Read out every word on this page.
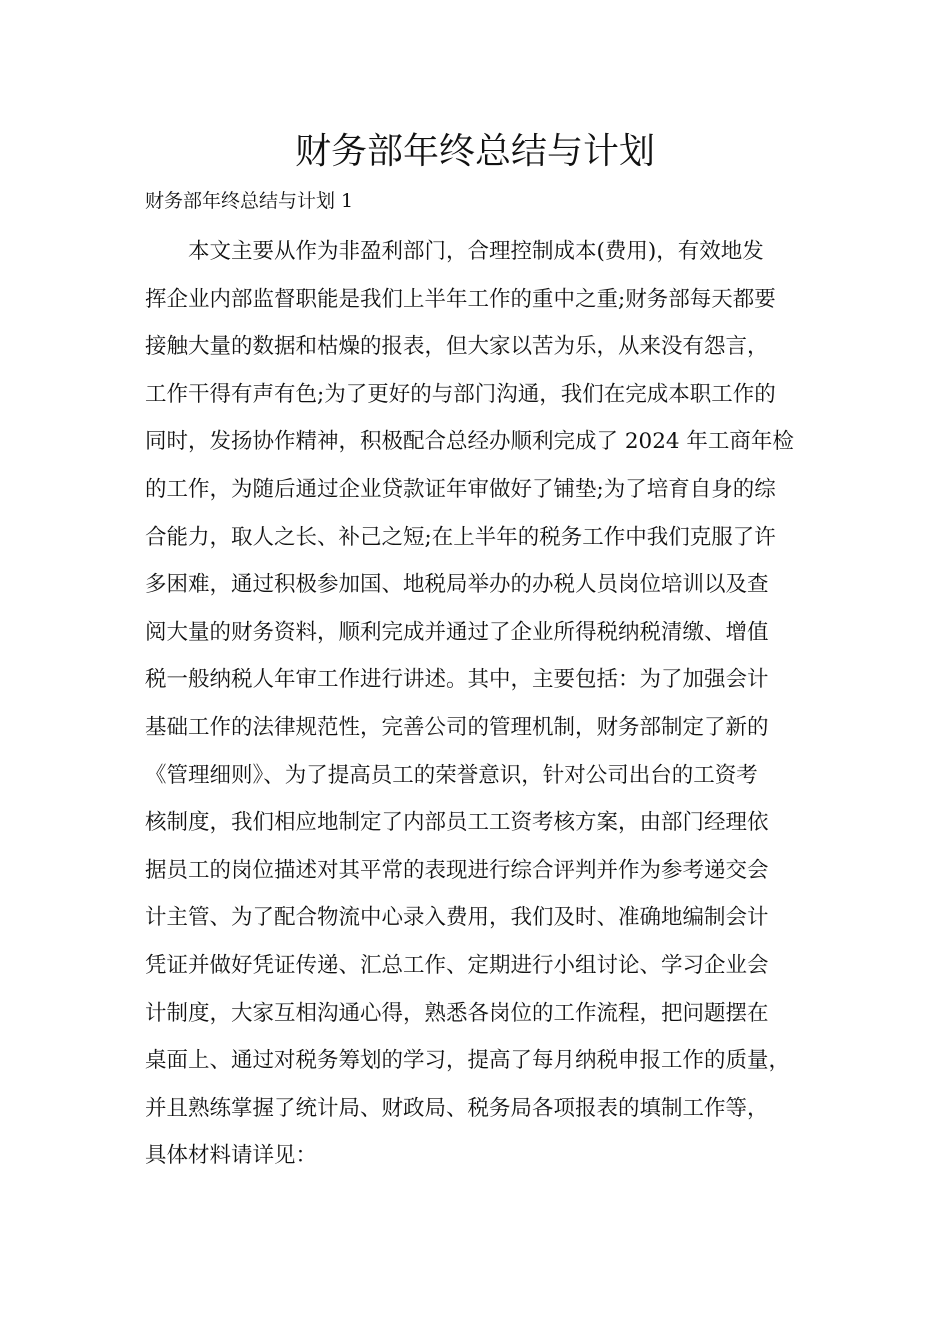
财务部年终总结与计划

财务部年终总结与计划 1

本文主要从作为非盈利部门，合理控制成本(费用)，有效地发
挥企业内部监督职能是我们上半年工作的重中之重;财务部每天都要
接触大量的数据和枯燥的报表，但大家以苦为乐，从来没有怨言，
工作干得有声有色;为了更好的与部门沟通，我们在完成本职工作的
同时，发扬协作精神，积极配合总经办顺利完成了 2024 年工商年检
的工作，为随后通过企业贷款证年审做好了铺垫;为了培育自身的综
合能力，取人之长、补己之短;在上半年的税务工作中我们克服了许
多困难，通过积极参加国、地税局举办的办税人员岗位培训以及查
阅大量的财务资料，顺利完成并通过了企业所得税纳税清缴、增值
税一般纳税人年审工作进行讲述。其中，主要包括：为了加强会计
基础工作的法律规范性，完善公司的管理机制，财务部制定了新的
《管理细则》、为了提高员工的荣誉意识，针对公司出台的工资考
核制度，我们相应地制定了内部员工工资考核方案，由部门经理依
据员工的岗位描述对其平常的表现进行综合评判并作为参考递交会
计主管、为了配合物流中心录入费用，我们及时、准确地编制会计
凭证并做好凭证传递、汇总工作、定期进行小组讨论、学习企业会
计制度，大家互相沟通心得，熟悉各岗位的工作流程，把问题摆在
桌面上、通过对税务筹划的学习，提高了每月纳税申报工作的质量，
并且熟练掌握了统计局、财政局、税务局各项报表的填制工作等，
具体材料请详见：
